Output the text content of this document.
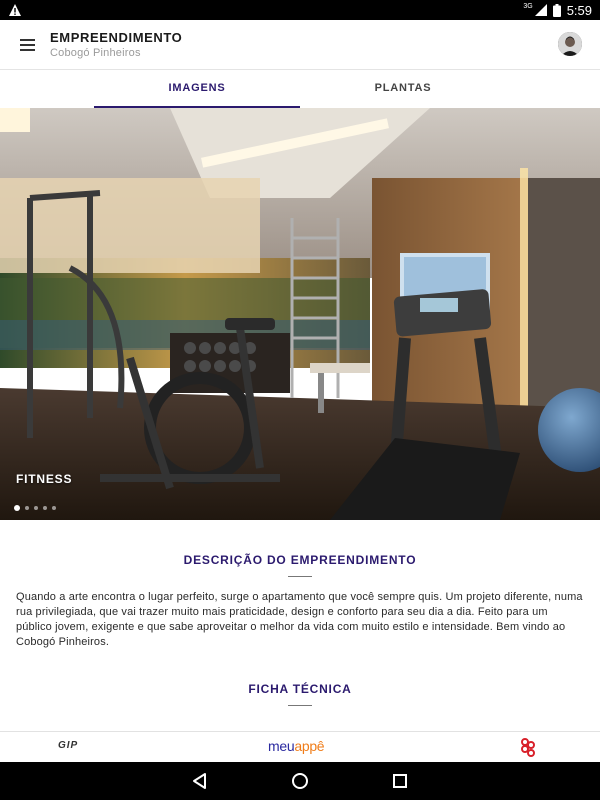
3G	5:59
EMPREENDIMENTO
Cobogó Pinheiros
IMAGENS	PLANTAS
FITNESS
DESCRIÇÃO DO EMPREENDIMENTO

Quando a arte encontra o lugar perfeito, surge o apartamento que você sempre quis. Um projeto diferente, numa rua privilegiada, que vai trazer muito mais praticidade, design e conforto para seu dia a dia. Feito para um público jovem, exigente e que sabe aproveitar o melhor da vida com muito estilo e intensidade. Bem vindo ao Cobogó Pinheiros.

FICHA TÉCNICA
GIP	meuappê
